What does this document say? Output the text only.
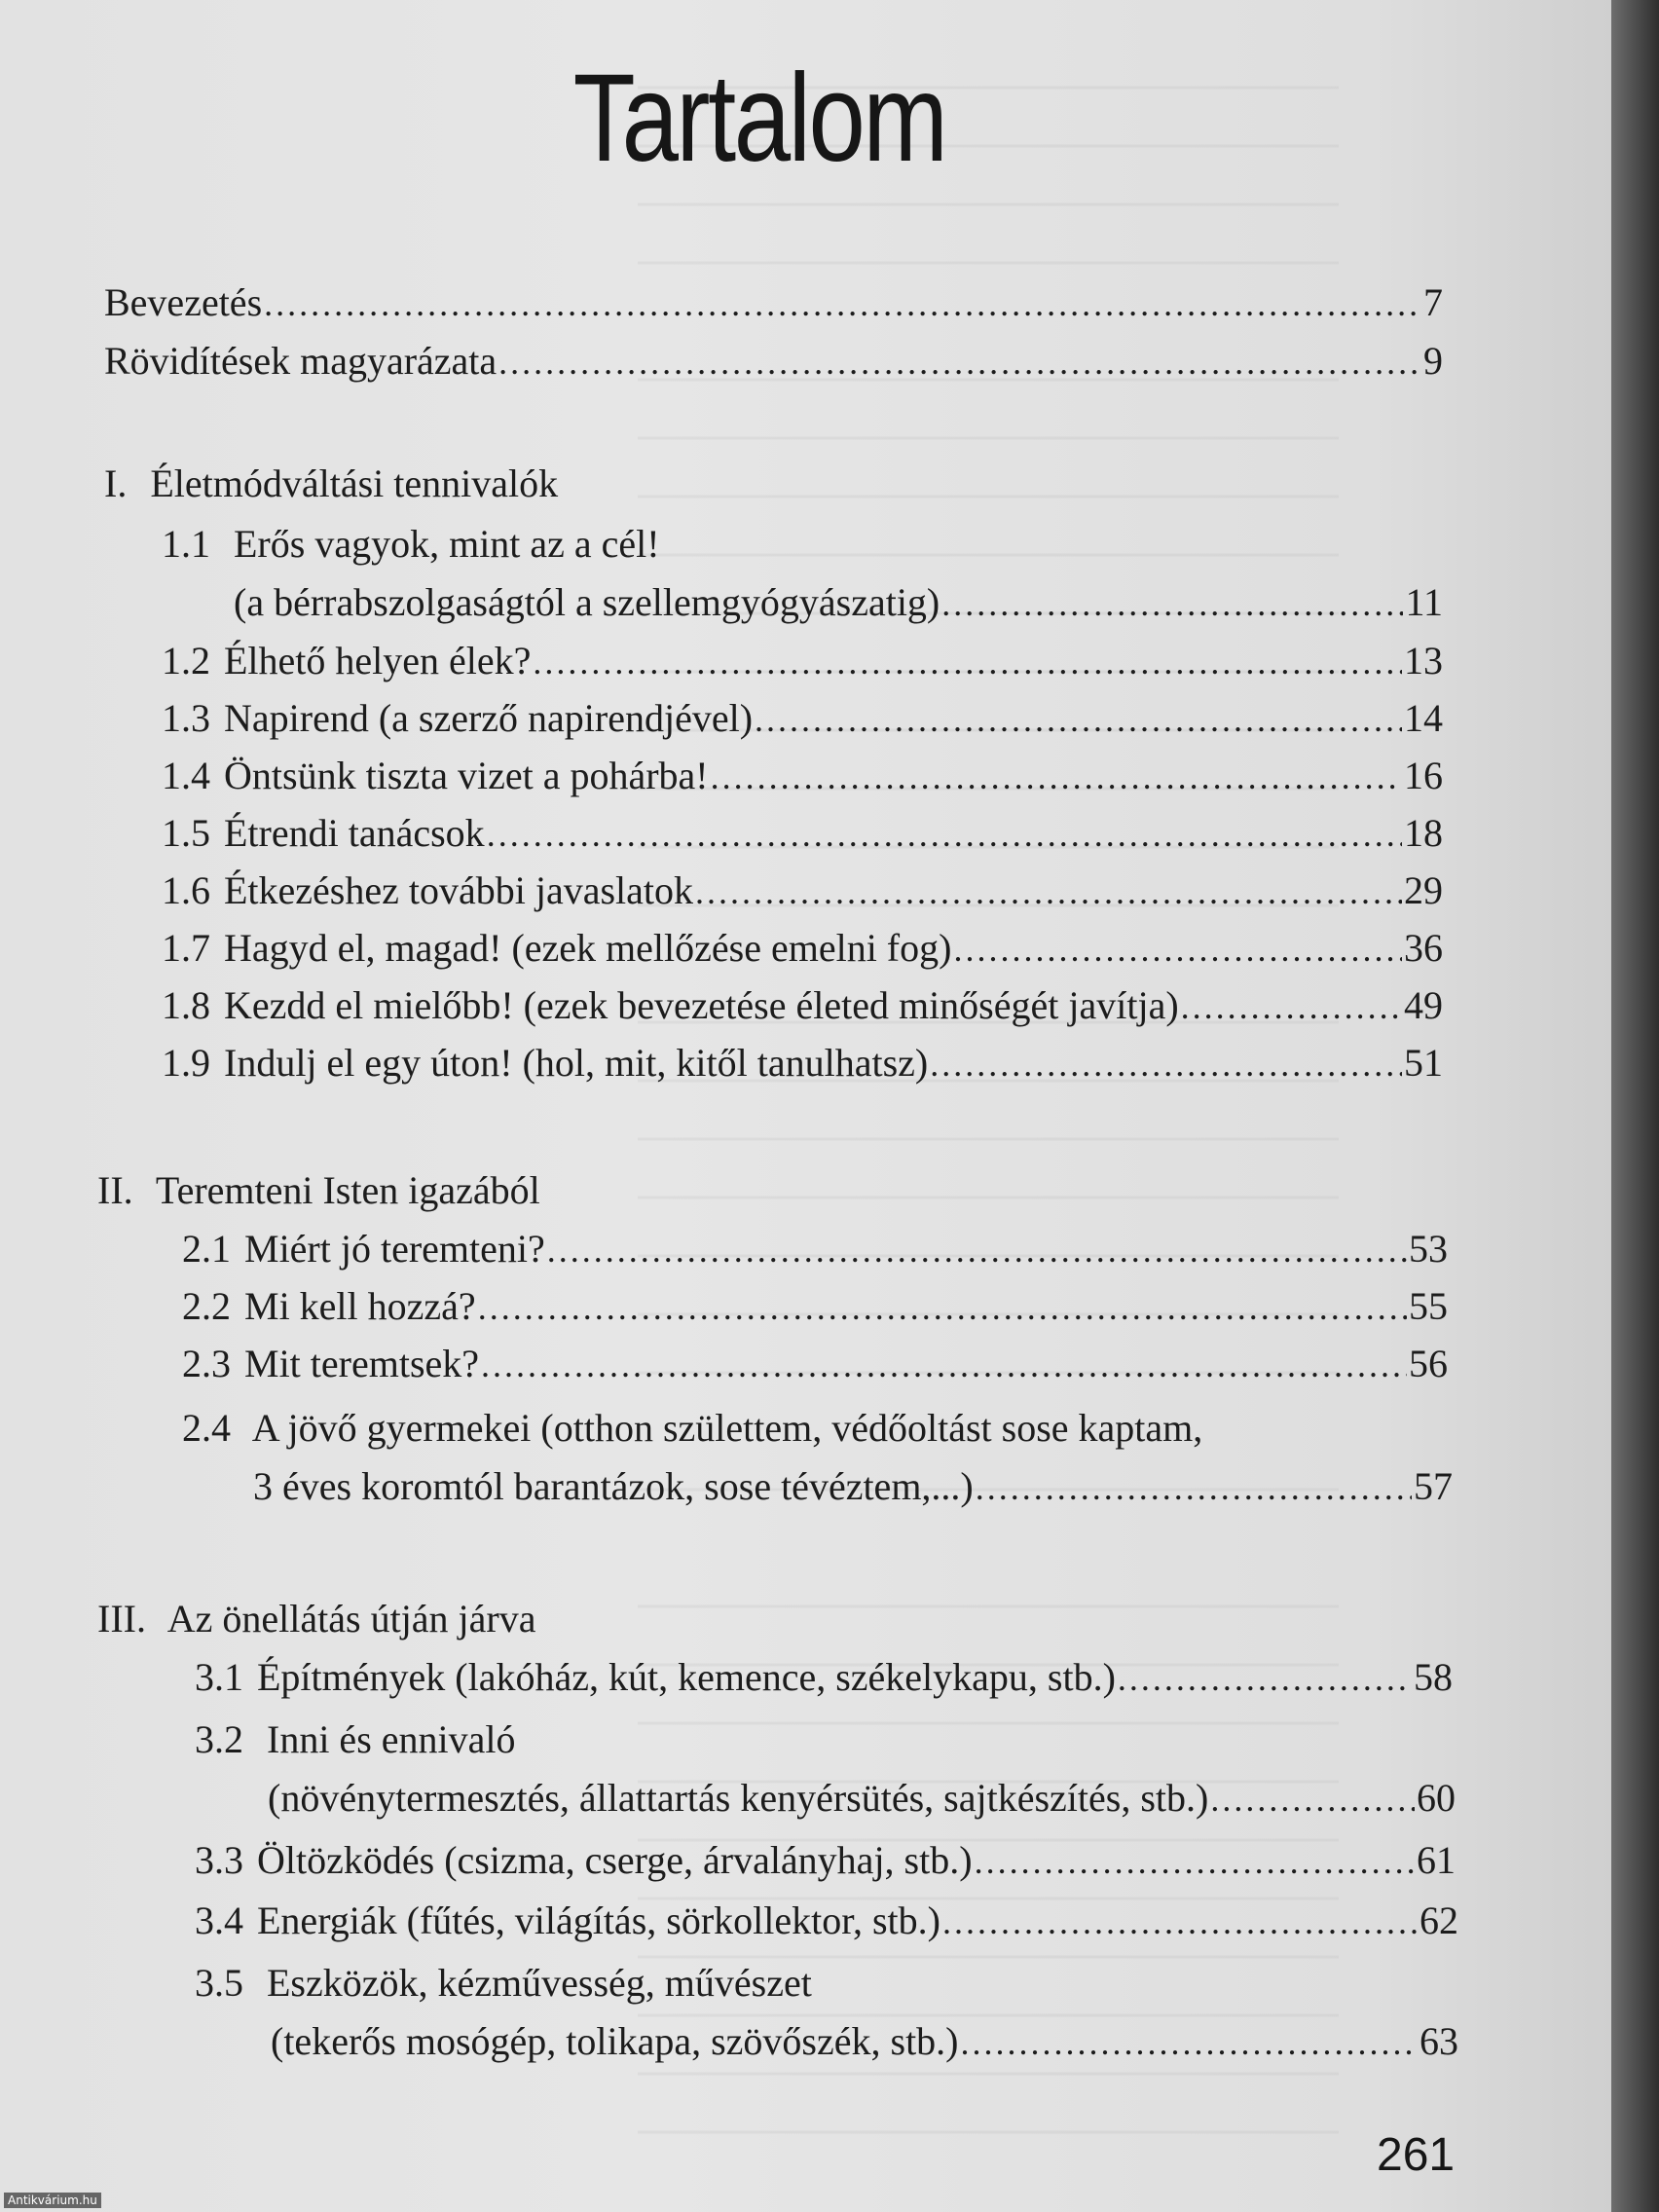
Tartalom
Bevezetés .....	7
Rövidítések magyarázata .....	9
I. Életmódváltási tennivalók
1.1 Erős vagyok, mint az a cél!
(a bérrabszolgaságtól a szellemgyógyászatig) .....	11
1.2 Élhető helyen élek? .....	13
1.3 Napirend (a szerző napirendjével) .....	14
1.4 Öntsünk tiszta vizet a pohárba! .....	16
1.5 Étrendi tanácsok .....	18
1.6 Étkezéshez további javaslatok .....	29
1.7 Hagyd el, magad! (ezek mellőzése emelni fog) .....	36
1.8 Kezdd el mielőbb! (ezek bevezetése életed minőségét javítja) .....	49
1.9 Indulj el egy úton! (hol, mit, kitől tanulhatsz) .....	51
II. Teremteni Isten igazából
2.1 Miért jó teremteni? .....	53
2.2 Mi kell hozzá? .....	55
2.3 Mit teremtsek? .....	56
2.4 A jövő gyermekei (otthon születtem, védőoltást sose kaptam,
3 éves koromtól barantázok, sose tévéztem,...) .....	57
III. Az önellátás útján járva
3.1 Építmények (lakóház, kút, kemence, székelykapu, stb.) .....	58
3.2 Inni és ennivaló
(növénytermesztés, állattartás kenyérsütés, sajtkészítés, stb.) .....	60
3.3 Öltözködés (csizma, cserge, árvalányhaj, stb.) .....	61
3.4 Energiák (fűtés, világítás, sörkollektor, stb.) .....	62
3.5 Eszközök, kézművesség, művészet
(tekerős mosógép, tolikapa, szövőszék, stb.) .....	63
261
Antikvárium.hu
